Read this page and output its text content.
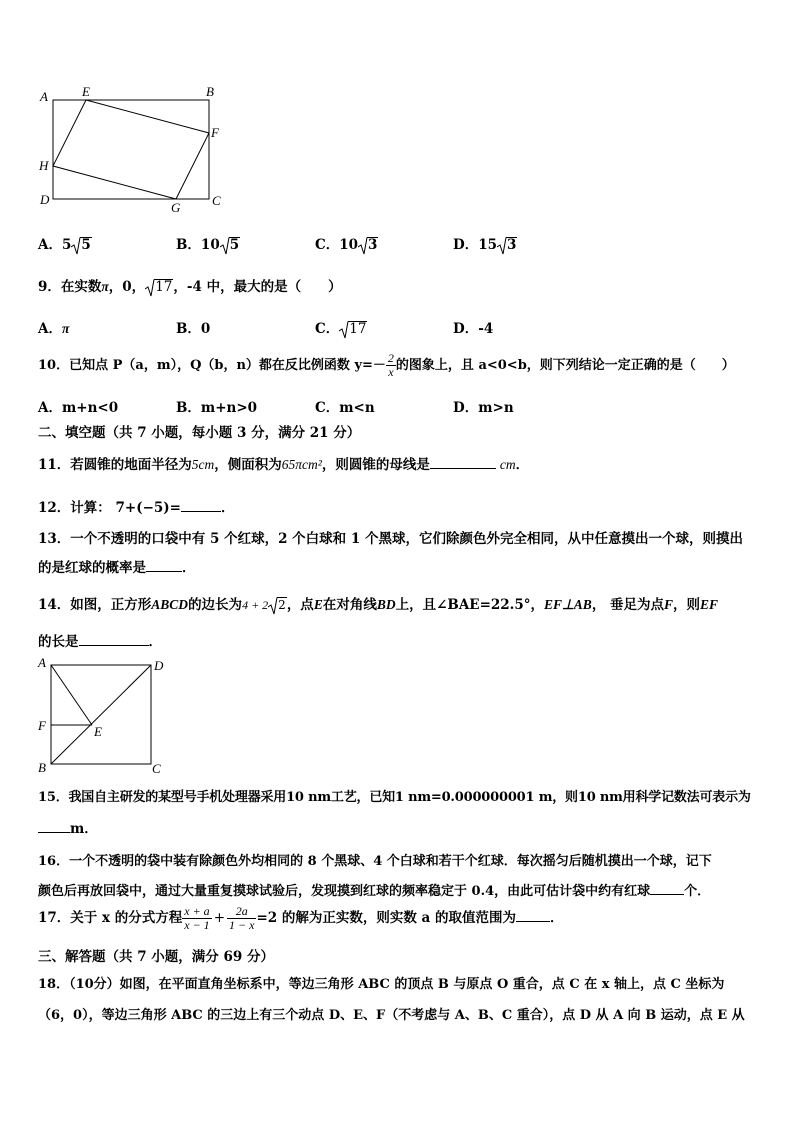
A	E	B
F
H
D
G C
A．5 5	B．10 5	C．10 3	D．15 3
9．在实数π，0， 17，-4 中，最大的是（　　）
A．π	B．0	C． 17	D．-4
10．已知点 P（a，m），Q（b，n）都在反比例函数 $y=- \frac{2}{x}$ 的图象上，且 a<0<b，则下列结论一定正确的是（　　）
A．m+n<0	B．m+n>0	C．m<n	D．m>n
二、填空题（共 7 小题，每小题 3 分，满分 21 分）
11．若圆锥的地面半径为5cm，侧面积为65πcm²，则圆锥的母线是	cm．
12．计算： 7+(−5)=	．
13．一个不透明的口袋中有 5 个红球，2 个白球和 1 个黑球，它们除颜色外完全相同，从中任意摸出一个球，则摸出
的是红球的概率是	．
14．如图，正方形ABCD的边长为4 + 2 2，点E在对角线BD上，且∠BAE=22.5°，EF⊥AB， 垂足为点F，则EF
的长是	．
A	D
F	E
B	C
15．我国自主研发的某型号手机处理器采用10 nm工艺，已知1 nm=0.000000001 m，则10 nm用科学记数法可表示为
m．
16．一个不透明的袋中装有除颜色外均相同的 8 个黑球、4 个白球和若干个红球．每次摇匀后随机摸出一个球，记下
颜色后再放回袋中，通过大量重复摸球试验后，发现摸到红球的频率稳定于 0.4，由此可估计袋中约有红球	个．
17．关于 x 的分式方程 $\frac{x + a}{x - 1} + \frac{2a}{1 - x} =2$ 的解为正实数，则实数 a 的取值范围为	．
三、解答题（共 7 小题，满分 69 分）
18．（10分）如图，在平面直角坐标系中，等边三角形 ABC 的顶点 B 与原点 O 重合，点 C 在 x 轴上，点 C 坐标为
（6，0），等边三角形 ABC 的三边上有三个动点 D、E、F（不考虑与 A、B、C 重合），点 D 从 A 向 B 运动，点 E 从
